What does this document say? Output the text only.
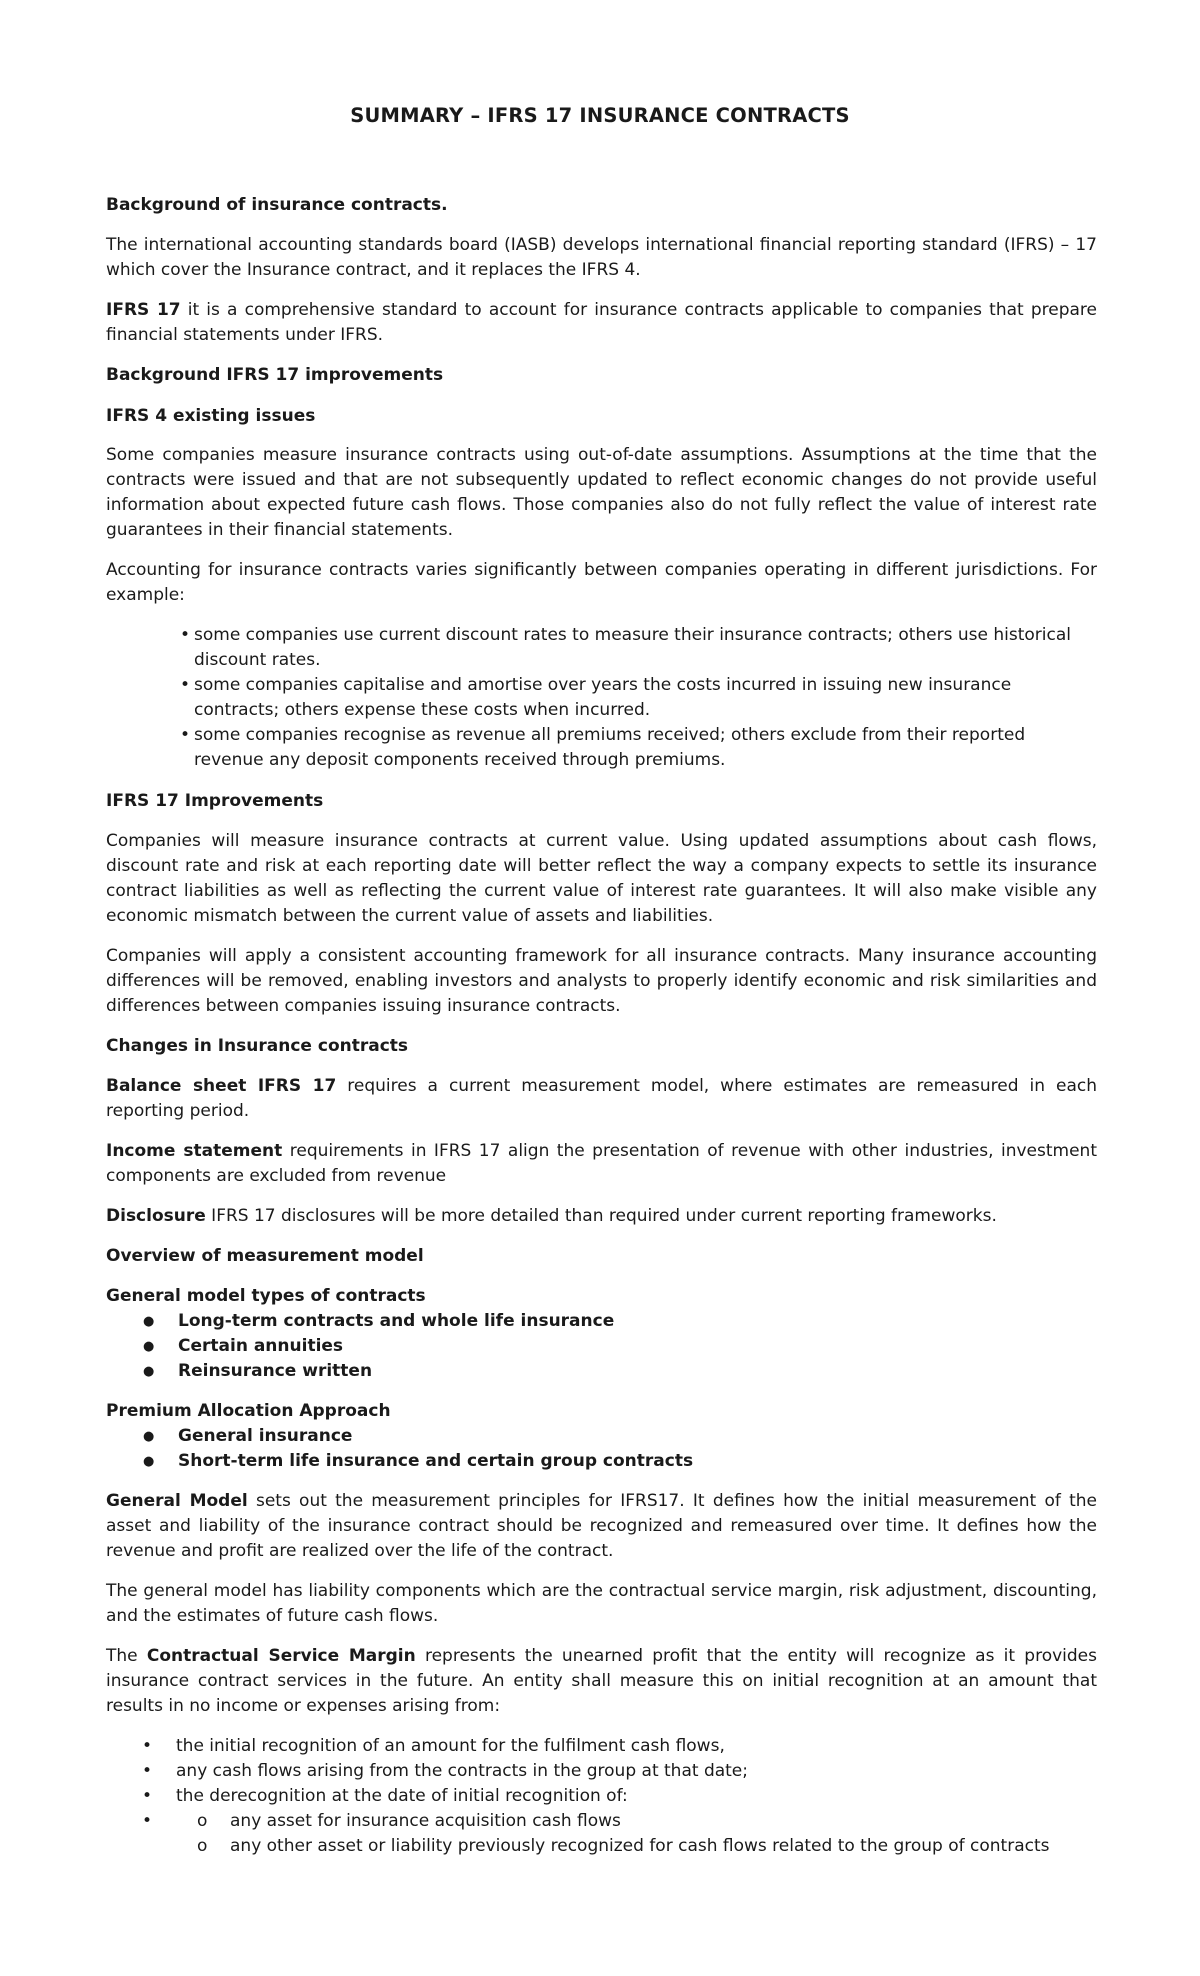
SUMMARY – IFRS 17 INSURANCE CONTRACTS
Background of insurance contracts.
The international accounting standards board (IASB) develops international financial reporting standard (IFRS) – 17 which cover the Insurance contract, and it replaces the IFRS 4.
IFRS 17 it is a comprehensive standard to account for insurance contracts applicable to companies that prepare financial statements under IFRS.
Background IFRS 17 improvements
IFRS 4 existing issues
Some companies measure insurance contracts using out-of-date assumptions. Assumptions at the time that the contracts were issued and that are not subsequently updated to reflect economic changes do not provide useful information about expected future cash flows. Those companies also do not fully reflect the value of interest rate guarantees in their financial statements.
Accounting for insurance contracts varies significantly between companies operating in different jurisdictions. For example:
• some companies use current discount rates to measure their insurance contracts; others use historical discount rates.
• some companies capitalise and amortise over years the costs incurred in issuing new insurance contracts; others expense these costs when incurred.
• some companies recognise as revenue all premiums received; others exclude from their reported revenue any deposit components received through premiums.
IFRS 17 Improvements
Companies will measure insurance contracts at current value. Using updated assumptions about cash flows, discount rate and risk at each reporting date will better reflect the way a company expects to settle its insurance contract liabilities as well as reflecting the current value of interest rate guarantees. It will also make visible any economic mismatch between the current value of assets and liabilities.
Companies will apply a consistent accounting framework for all insurance contracts. Many insurance accounting differences will be removed, enabling investors and analysts to properly identify economic and risk similarities and differences between companies issuing insurance contracts.
Changes in Insurance contracts
Balance sheet IFRS 17 requires a current measurement model, where estimates are remeasured in each reporting period.
Income statement requirements in IFRS 17 align the presentation of revenue with other industries, investment components are excluded from revenue
Disclosure IFRS 17 disclosures will be more detailed than required under current reporting frameworks.
Overview of measurement model
General model types of contracts
● Long-term contracts and whole life insurance
● Certain annuities
● Reinsurance written
Premium Allocation Approach
● General insurance
● Short-term life insurance and certain group contracts
General Model sets out the measurement principles for IFRS17. It defines how the initial measurement of the asset and liability of the insurance contract should be recognized and remeasured over time. It defines how the revenue and profit are realized over the life of the contract.
The general model has liability components which are the contractual service margin, risk adjustment, discounting, and the estimates of future cash flows.
The Contractual Service Margin represents the unearned profit that the entity will recognize as it provides insurance contract services in the future. An entity shall measure this on initial recognition at an amount that results in no income or expenses arising from:
• the initial recognition of an amount for the fulfilment cash flows,
• any cash flows arising from the contracts in the group at that date;
• the derecognition at the date of initial recognition of:
o • any asset for insurance acquisition cash flows
o any other asset or liability previously recognized for cash flows related to the group of contracts
